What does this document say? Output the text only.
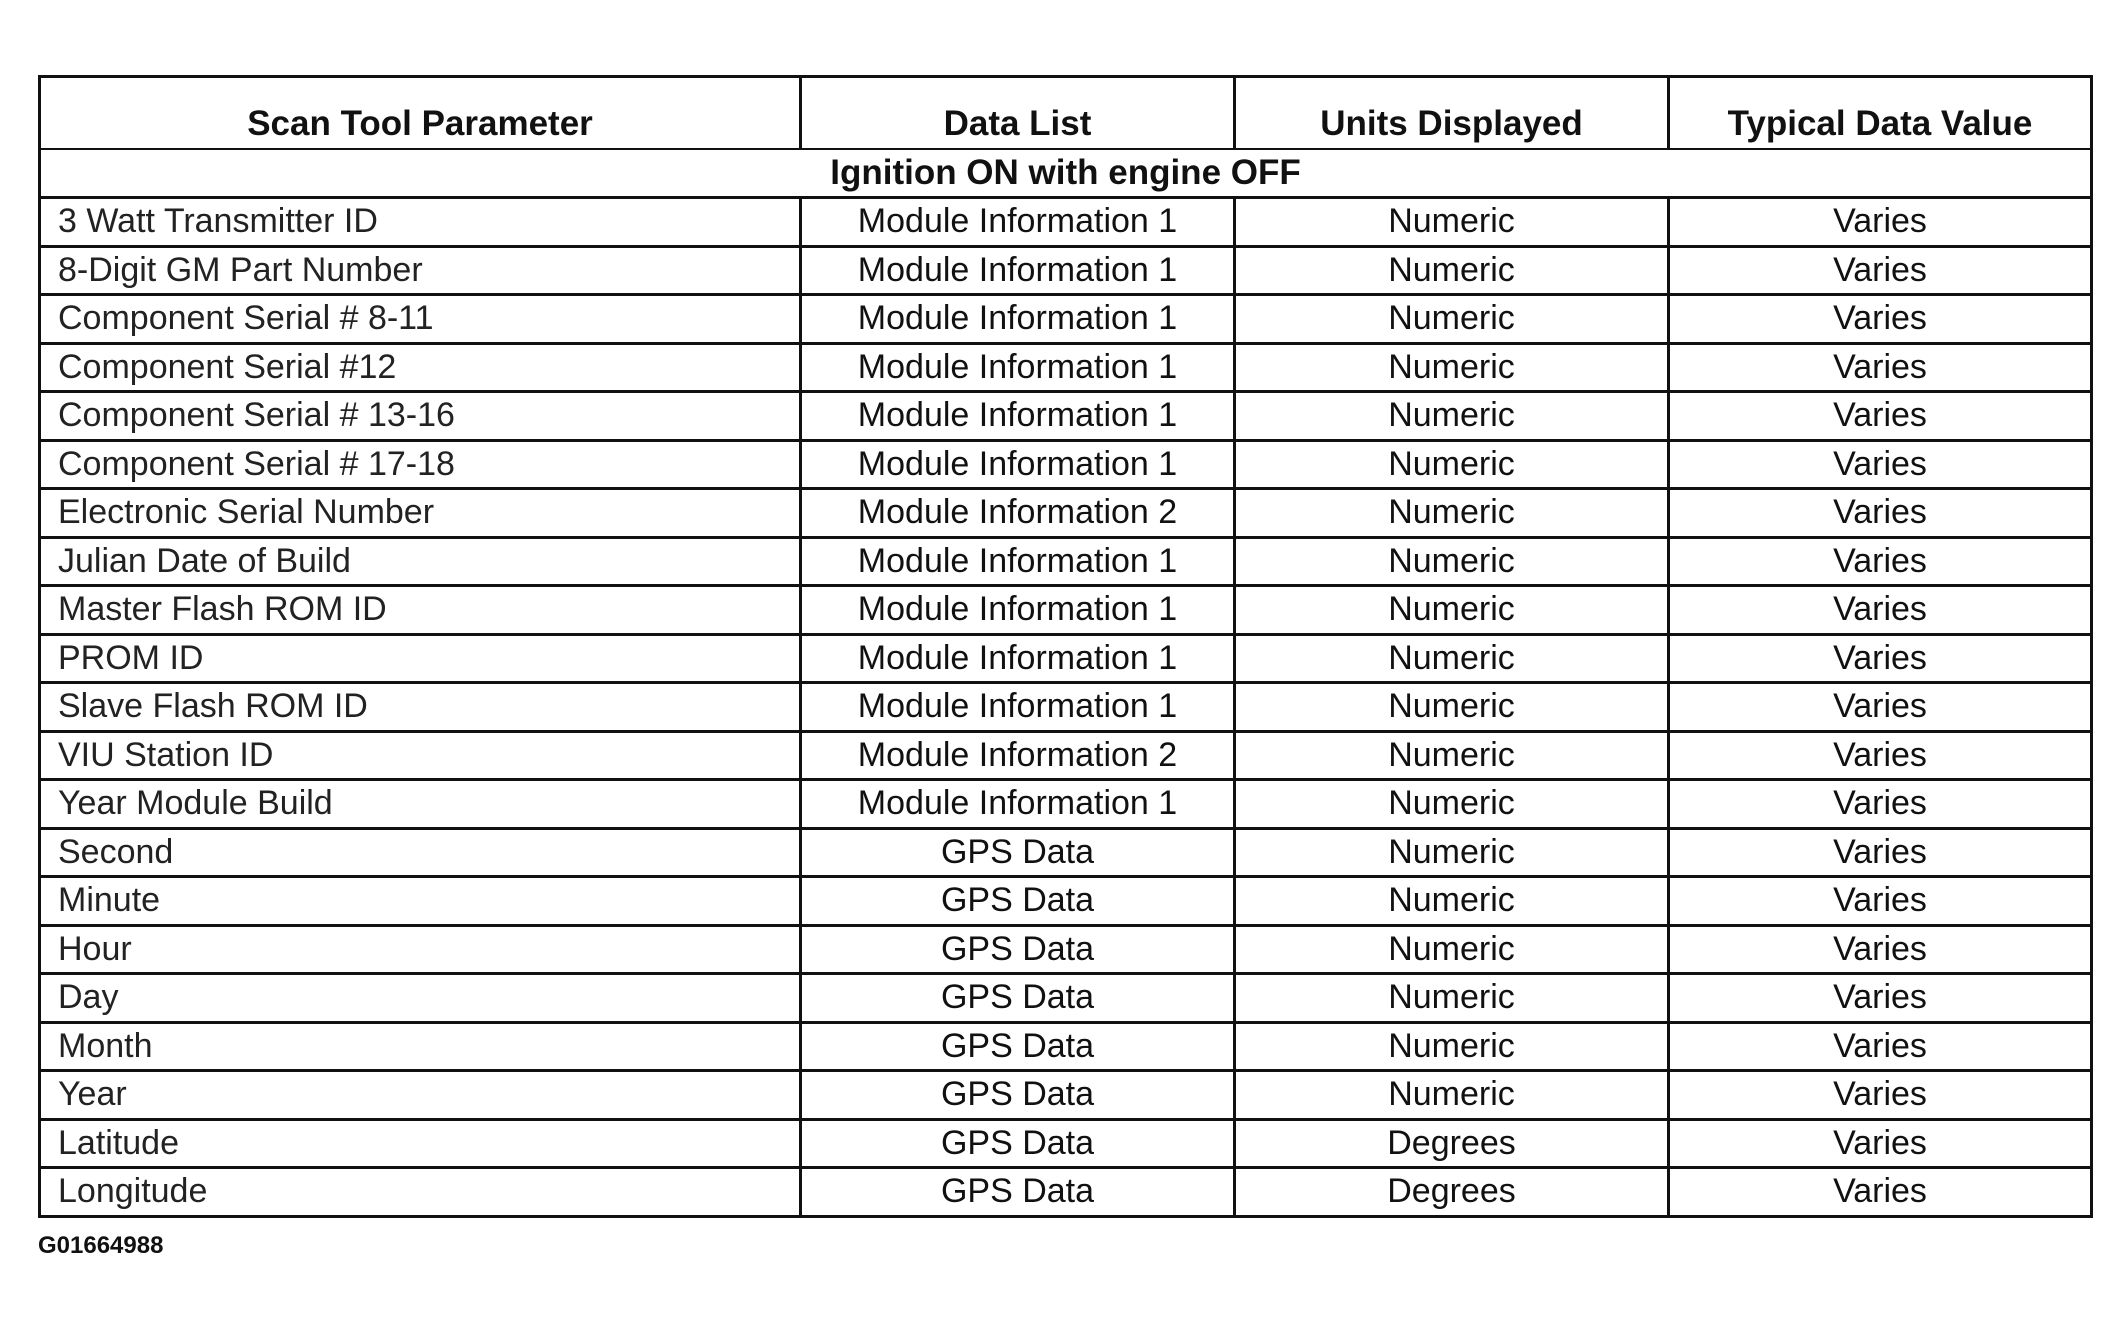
Scan Tool Parameter	Data List	Units Displayed	Typical Data Value
Ignition ON with engine OFF			
3 Watt Transmitter ID	Module Information 1	Numeric	Varies
8-Digit GM Part Number	Module Information 1	Numeric	Varies
Component Serial # 8-11	Module Information 1	Numeric	Varies
Component Serial #12	Module Information 1	Numeric	Varies
Component Serial # 13-16	Module Information 1	Numeric	Varies
Component Serial # 17-18	Module Information 1	Numeric	Varies
Electronic Serial Number	Module Information 2	Numeric	Varies
Julian Date of Build	Module Information 1	Numeric	Varies
Master Flash ROM ID	Module Information 1	Numeric	Varies
PROM ID	Module Information 1	Numeric	Varies
Slave Flash ROM ID	Module Information 1	Numeric	Varies
VIU Station ID	Module Information 2	Numeric	Varies
Year Module Build	Module Information 1	Numeric	Varies
Second	GPS Data	Numeric	Varies
Minute	GPS Data	Numeric	Varies
Hour	GPS Data	Numeric	Varies
Day	GPS Data	Numeric	Varies
Month	GPS Data	Numeric	Varies
Year	GPS Data	Numeric	Varies
Latitude	GPS Data	Degrees	Varies
Longitude	GPS Data	Degrees	Varies
G01664988
